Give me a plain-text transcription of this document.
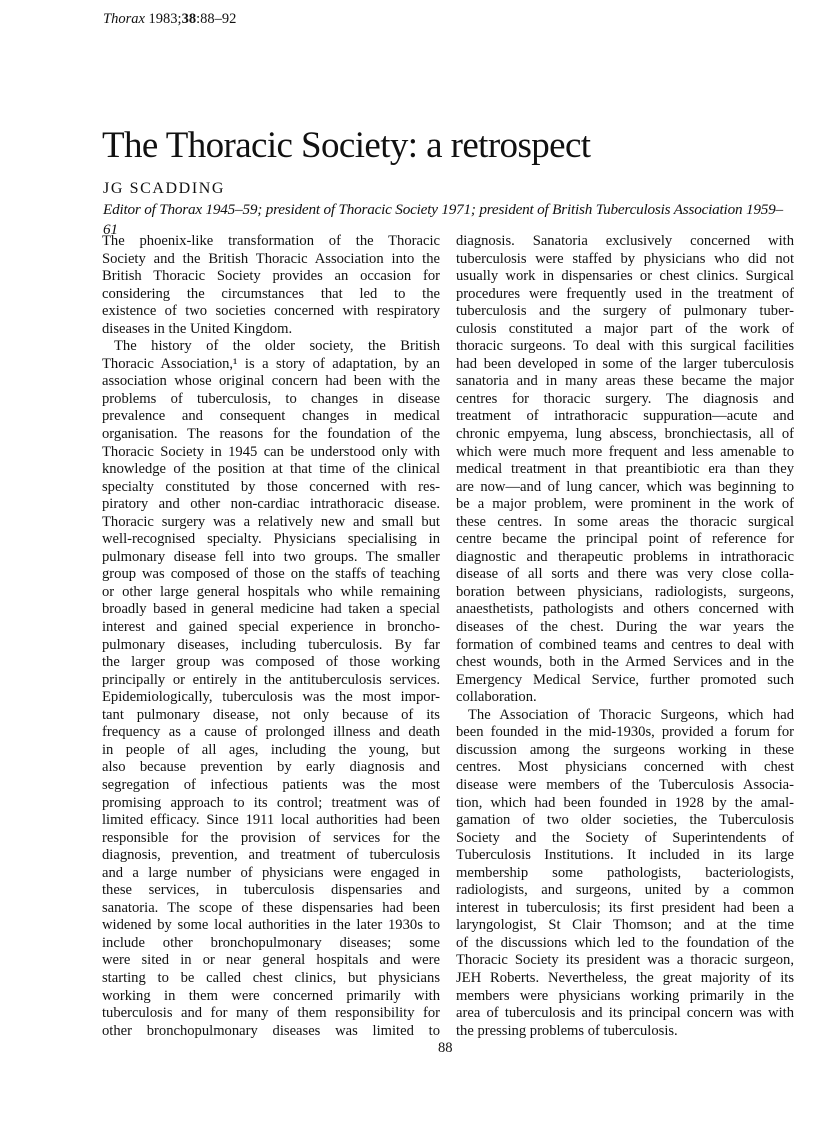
Thorax 1983;38:88–92
The Thoracic Society: a retrospect
JG SCADDING
Editor of Thorax 1945–59; president of Thoracic Society 1971; president of British Tuberculosis Association 1959–61
The phoenix-like transformation of the Thoracic
Society and the British Thoracic Association into the
British Thoracic Society provides an occasion for
considering the circumstances that led to the
existence of two societies concerned with respiratory
diseases in the United Kingdom.
The history of the older society, the British
Thoracic Association,¹ is a story of adaptation, by an
association whose original concern had been with the
problems of tuberculosis, to changes in disease
prevalence and consequent changes in medical
organisation. The reasons for the foundation of the
Thoracic Society in 1945 can be understood only with
knowledge of the position at that time of the clinical
specialty constituted by those concerned with res-
piratory and other non-cardiac intrathoracic disease.
Thoracic surgery was a relatively new and small but
well-recognised specialty. Physicians specialising in
pulmonary disease fell into two groups. The smaller
group was composed of those on the staffs of teaching
or other large general hospitals who while remaining
broadly based in general medicine had taken a special
interest and gained special experience in broncho-
pulmonary diseases, including tuberculosis. By far
the larger group was composed of those working
principally or entirely in the antituberculosis services.
Epidemiologically, tuberculosis was the most impor-
tant pulmonary disease, not only because of its
frequency as a cause of prolonged illness and death
in people of all ages, including the young, but
also because prevention by early diagnosis and
segregation of infectious patients was the most
promising approach to its control; treatment was of
limited efficacy. Since 1911 local authorities had been
responsible for the provision of services for the
diagnosis, prevention, and treatment of tuberculosis
and a large number of physicians were engaged in
these services, in tuberculosis dispensaries and
sanatoria. The scope of these dispensaries had been
widened by some local authorities in the later 1930s to
include other bronchopulmonary diseases; some
were sited in or near general hospitals and were
starting to be called chest clinics, but physicians
working in them were concerned primarily with
tuberculosis and for many of them responsibility for
other bronchopulmonary diseases was limited to
diagnosis. Sanatoria exclusively concerned with
tuberculosis were staffed by physicians who did not
usually work in dispensaries or chest clinics. Surgical
procedures were frequently used in the treatment of
tuberculosis and the surgery of pulmonary tuber-
culosis constituted a major part of the work of
thoracic surgeons. To deal with this surgical facilities
had been developed in some of the larger tuberculosis
sanatoria and in many areas these became the major
centres for thoracic surgery. The diagnosis and
treatment of intrathoracic suppuration—acute and
chronic empyema, lung abscess, bronchiectasis, all of
which were much more frequent and less amenable to
medical treatment in that preantibiotic era than they
are now—and of lung cancer, which was beginning to
be a major problem, were prominent in the work of
these centres. In some areas the thoracic surgical
centre became the principal point of reference for
diagnostic and therapeutic problems in intrathoracic
disease of all sorts and there was very close colla-
boration between physicians, radiologists, surgeons,
anaesthetists, pathologists and others concerned with
diseases of the chest. During the war years the
formation of combined teams and centres to deal with
chest wounds, both in the Armed Services and in the
Emergency Medical Service, further promoted such
collaboration.
The Association of Thoracic Surgeons, which had
been founded in the mid-1930s, provided a forum for
discussion among the surgeons working in these
centres. Most physicians concerned with chest
disease were members of the Tuberculosis Associa-
tion, which had been founded in 1928 by the amal-
gamation of two older societies, the Tuberculosis
Society and the Society of Superintendents of
Tuberculosis Institutions. It included in its large
membership some pathologists, bacteriologists,
radiologists, and surgeons, united by a common
interest in tuberculosis; its first president had been a
laryngologist, St Clair Thomson; and at the time
of the discussions which led to the foundation of the
Thoracic Society its president was a thoracic surgeon,
JEH Roberts. Nevertheless, the great majority of its
members were physicians working primarily in the
area of tuberculosis and its principal concern was with
the pressing problems of tuberculosis.
88
